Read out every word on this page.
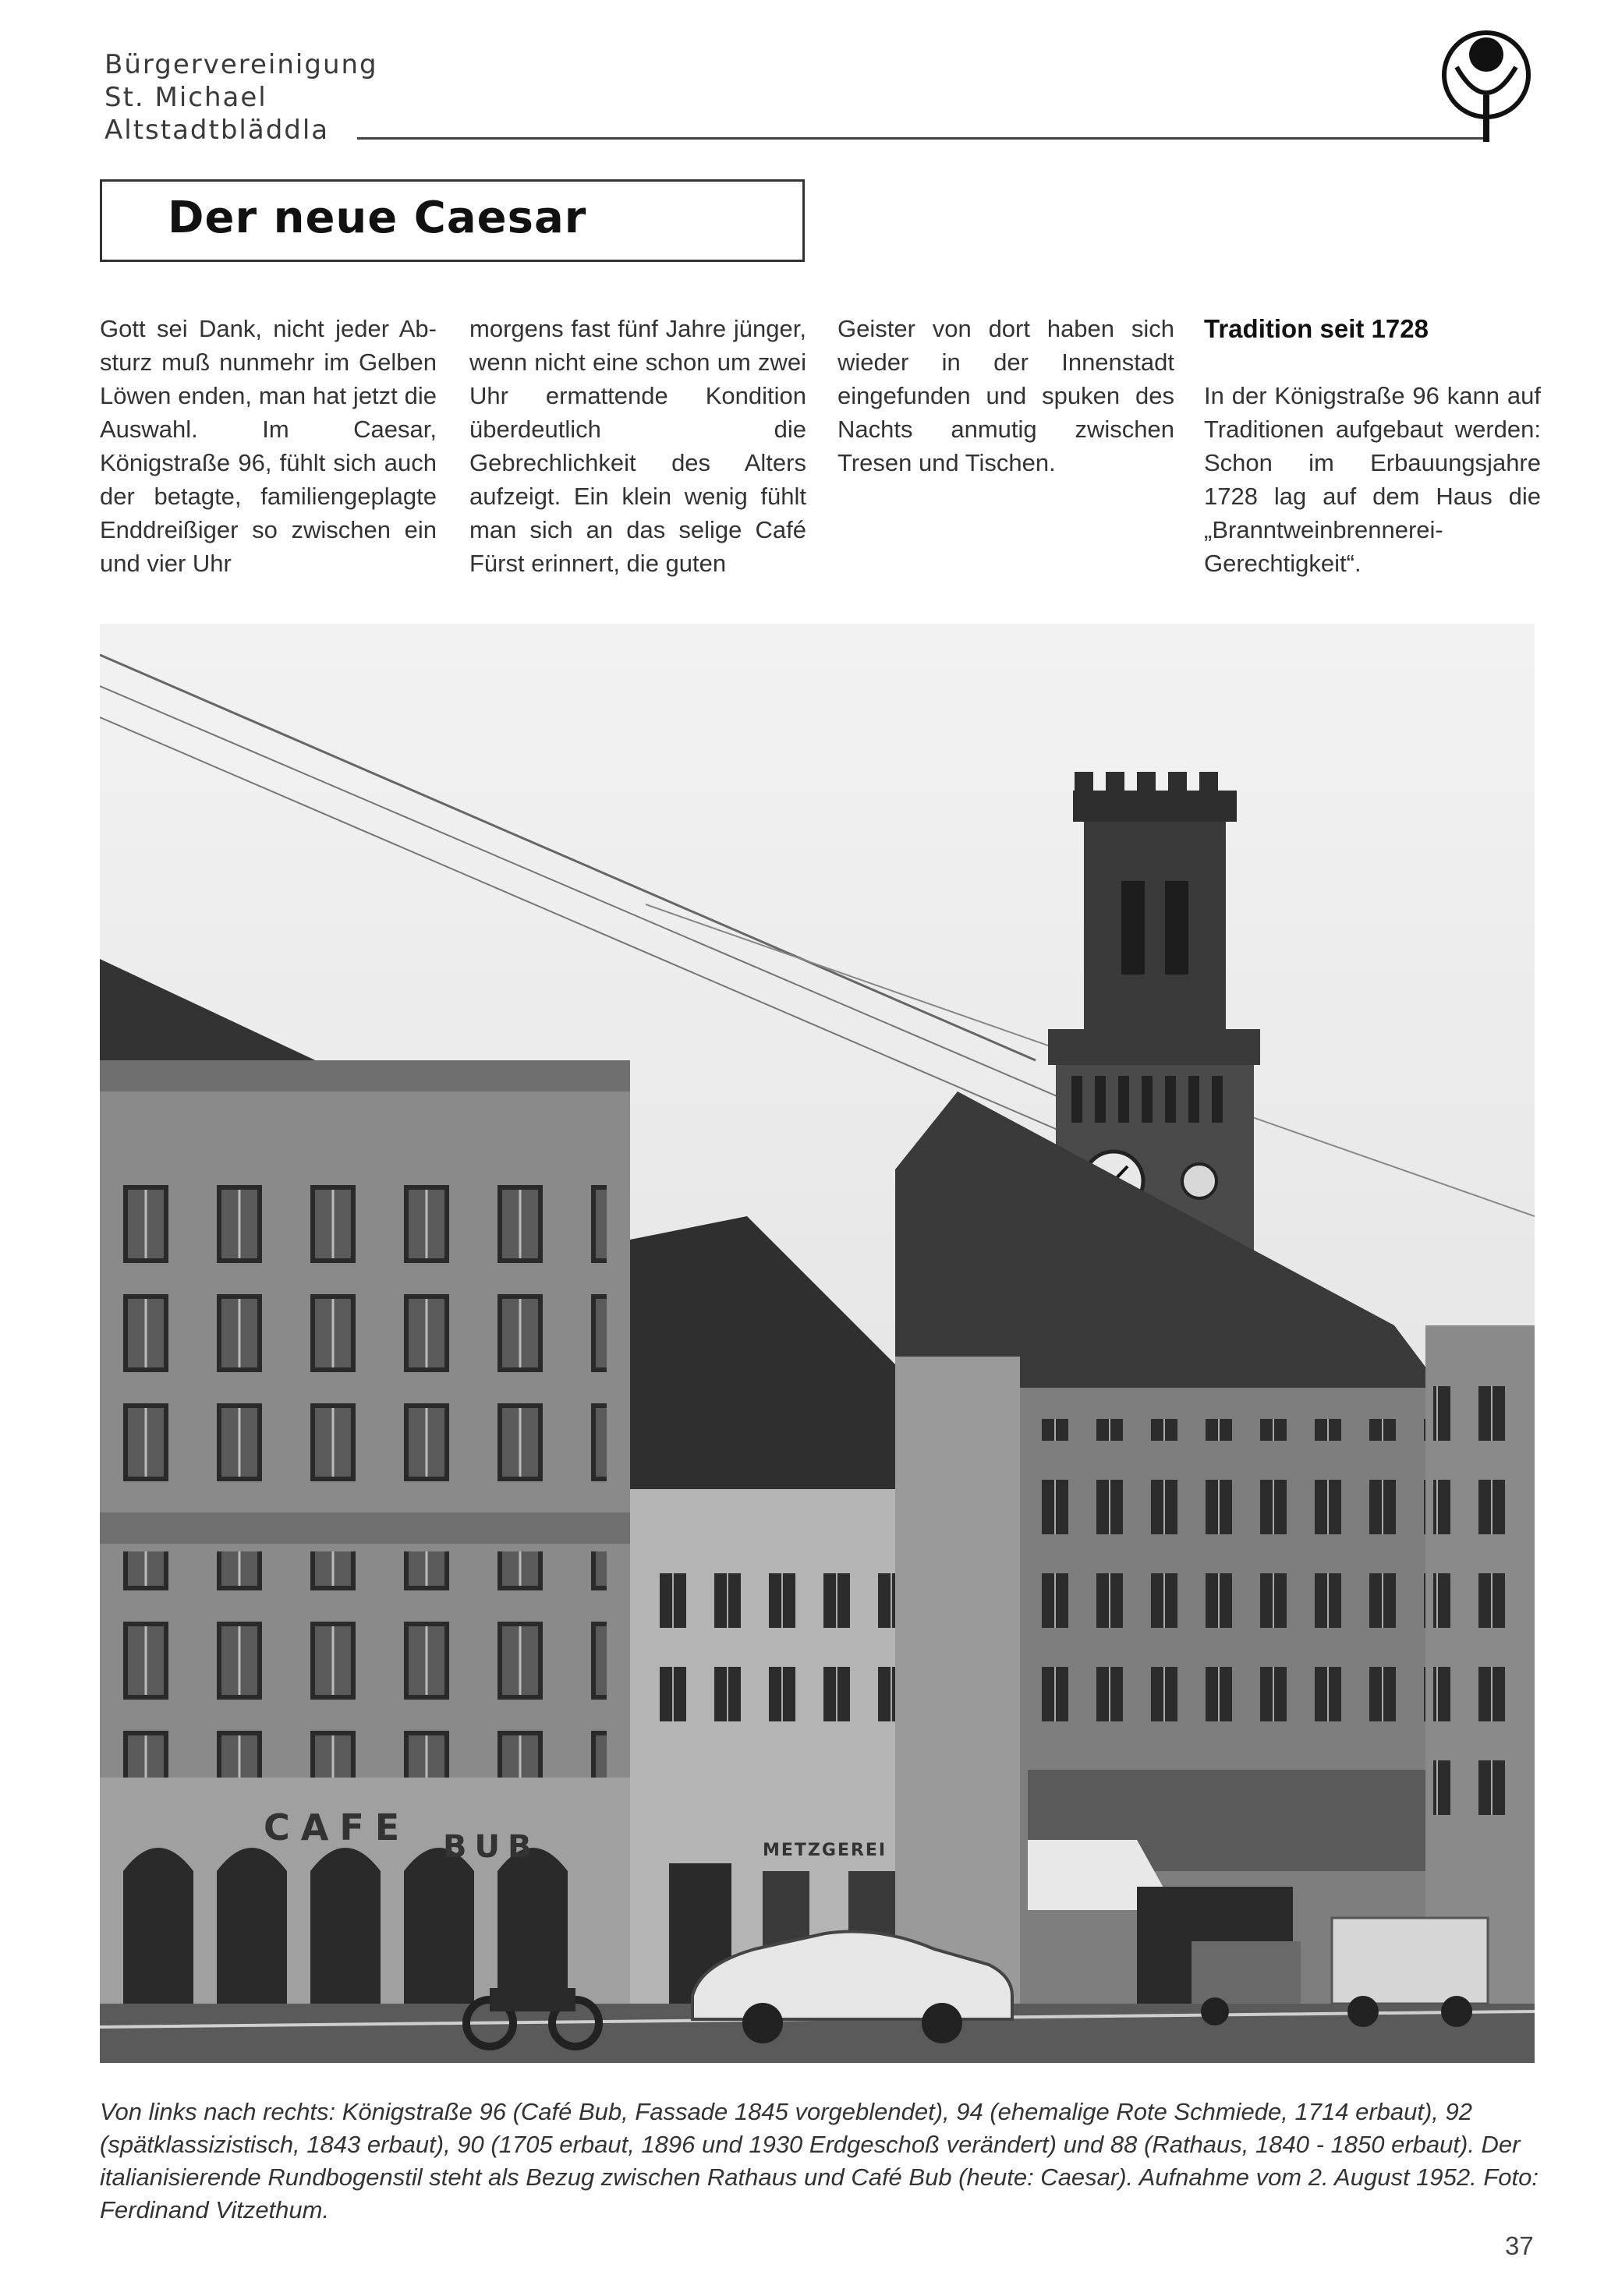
Bürgervereinigung
St. Michael
Altstadtbläddla
Der neue Caesar

Gott sei Dank, nicht jeder Absturz muß nunmehr im Gelben Löwen enden, man hat jetzt die Auswahl. Im Caesar, Königstraße 96, fühlt sich auch der betagte, familiengeplagte Enddreißiger so zwischen ein und vier Uhr

morgens fast fünf Jahre jünger, wenn nicht eine schon um zwei Uhr ermattende Kondition überdeutlich die Gebrechlichkeit des Alters aufzeigt. Ein klein wenig fühlt man sich an das selige Café Fürst erinnert, die guten

Geister von dort haben sich wieder in der Innenstadt eingefunden und spuken des Nachts anmutig zwischen Tresen und Tischen.

Tradition seit 1728

In der Königstraße 96 kann auf Traditionen aufgebaut werden: Schon im Erbauungsjahre 1728 lag auf dem Haus die „Branntweinbrennerei-Gerechtigkeit“.

CAFE BUB	METZGEREI
Von links nach rechts: Königstraße 96 (Café Bub, Fassade 1845 vorgeblendet), 94 (ehemalige Rote Schmiede, 1714 erbaut), 92 (spätklassizistisch, 1843 erbaut), 90 (1705 erbaut, 1896 und 1930 Erdgeschoß verändert) und 88 (Rathaus, 1840 - 1850 erbaut). Der italianisierende Rundbogenstil steht als Bezug zwischen Rathaus und Café Bub (heute: Caesar). Aufnahme vom 2. August 1952. Foto: Ferdinand Vitzethum.
37
